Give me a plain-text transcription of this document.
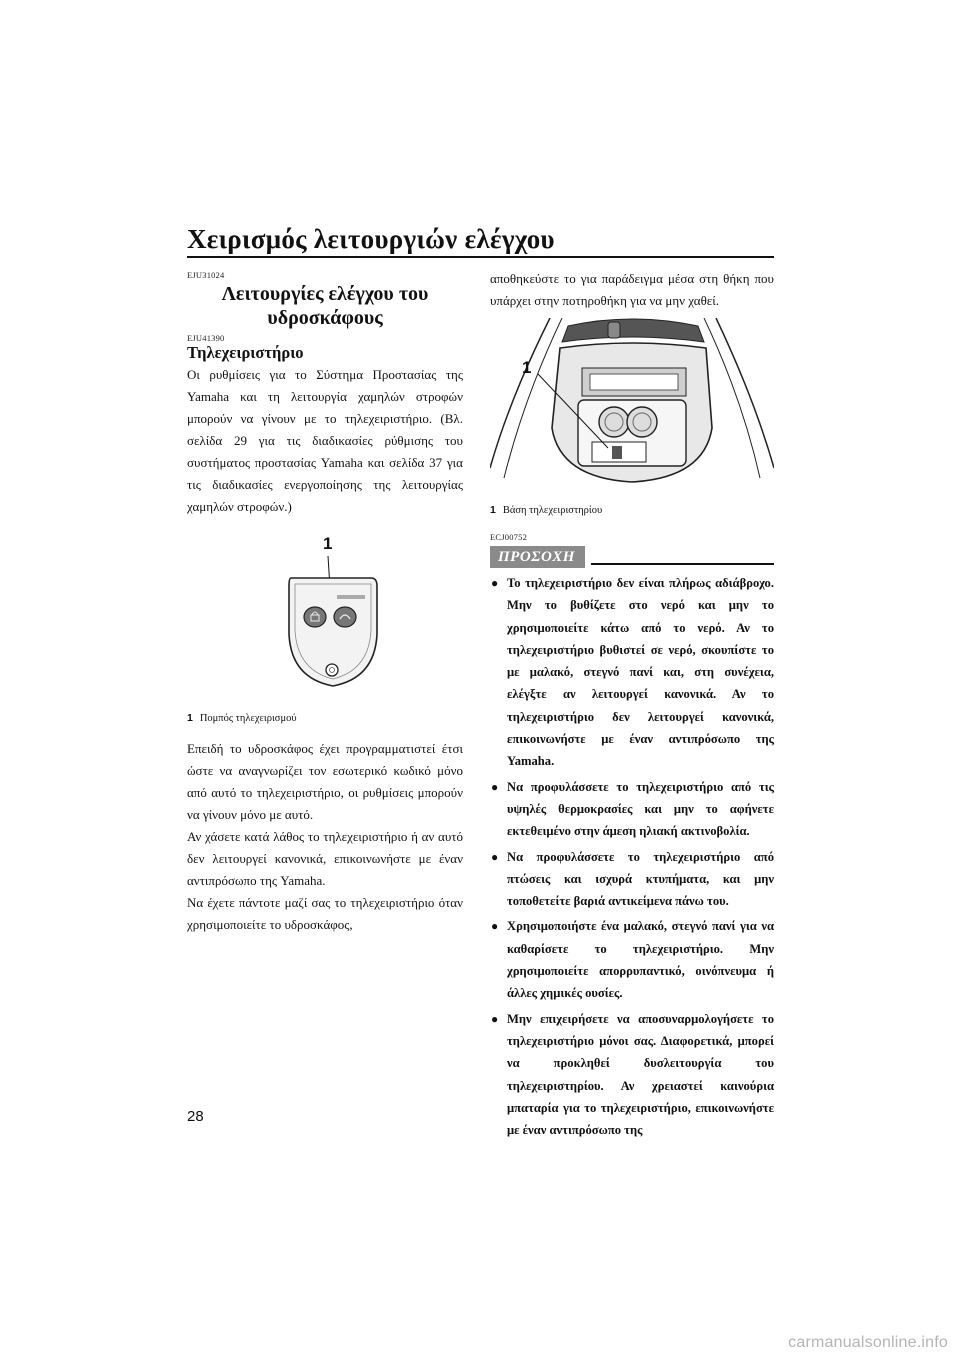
Χειρισμός λειτουργιών ελέγχου
EJU31024
Λειτουργίες ελέγχου του
υδροσκάφους
EJU41390
Τηλεχειριστήριο

Οι ρυθμίσεις για το Σύστημα Προστασίας της Yamaha και τη λειτουργία χαμηλών στροφών μπορούν να γίνουν με το τηλεχειριστήριο. (Βλ. σελίδα 29 για τις διαδικασίες ρύθμισης του συστήματος προστασίας Yamaha και σελίδα 37 για τις διαδικασίες ενεργοποίησης της λειτουργίας χαμηλών στροφών.)

1
1 Πομπός τηλεχειρισμού

Επειδή το υδροσκάφος έχει προγραμματιστεί έτσι ώστε να αναγνωρίζει τον εσωτερικό κωδικό μόνο από αυτό το τηλεχειριστήριο, οι ρυθμίσεις μπορούν να γίνουν μόνο με αυτό.

Αν χάσετε κατά λάθος το τηλεχειριστήριο ή αν αυτό δεν λειτουργεί κανονικά, επικοινωνήστε με έναν αντιπρόσωπο της Yamaha.

Να έχετε πάντοτε μαζί σας το τηλεχειριστήριο όταν χρησιμοποιείτε το υδροσκάφος,

αποθηκεύστε το για παράδειγμα μέσα στη θήκη που υπάρχει στην ποτηροθήκη για να μην χαθεί.

1
1 Βάση τηλεχειριστηρίου
ECJ00752
ΠΡΟΣΟΧΗ
● Το τηλεχειριστήριο δεν είναι πλήρως αδιάβροχο. Μην το βυθίζετε στο νερό και μην το χρησιμοποιείτε κάτω από το νερό. Αν το τηλεχειριστήριο βυθιστεί σε νερό, σκουπίστε το με μαλακό, στεγνό πανί και, στη συνέχεια, ελέγξτε αν λειτουργεί κανονικά. Αν το τηλεχειριστήριο δεν λειτουργεί κανονικά, επικοινωνήστε με έναν αντιπρόσωπο της Yamaha.
● Να προφυλάσσετε το τηλεχειριστήριο από τις υψηλές θερμοκρασίες και μην το αφήνετε εκτεθειμένο στην άμεση ηλιακή ακτινοβολία.
● Να προφυλάσσετε το τηλεχειριστήριο από πτώσεις και ισχυρά κτυπήματα, και μην τοποθετείτε βαριά αντικείμενα πάνω του.
● Χρησιμοποιήστε ένα μαλακό, στεγνό πανί για να καθαρίσετε το τηλεχειριστήριο. Μην χρησιμοποιείτε απορρυπαντικό, οινόπνευμα ή άλλες χημικές ουσίες.
● Μην επιχειρήσετε να αποσυναρμολογήσετε το τηλεχειριστήριο μόνοι σας. Διαφορετικά, μπορεί να προκληθεί δυσλειτουργία του τηλεχειριστηρίου. Αν χρειαστεί καινούρια μπαταρία για το τηλεχειριστήριο, επικοινωνήστε με έναν αντιπρόσωπο της
28
carmanualsonline.info
